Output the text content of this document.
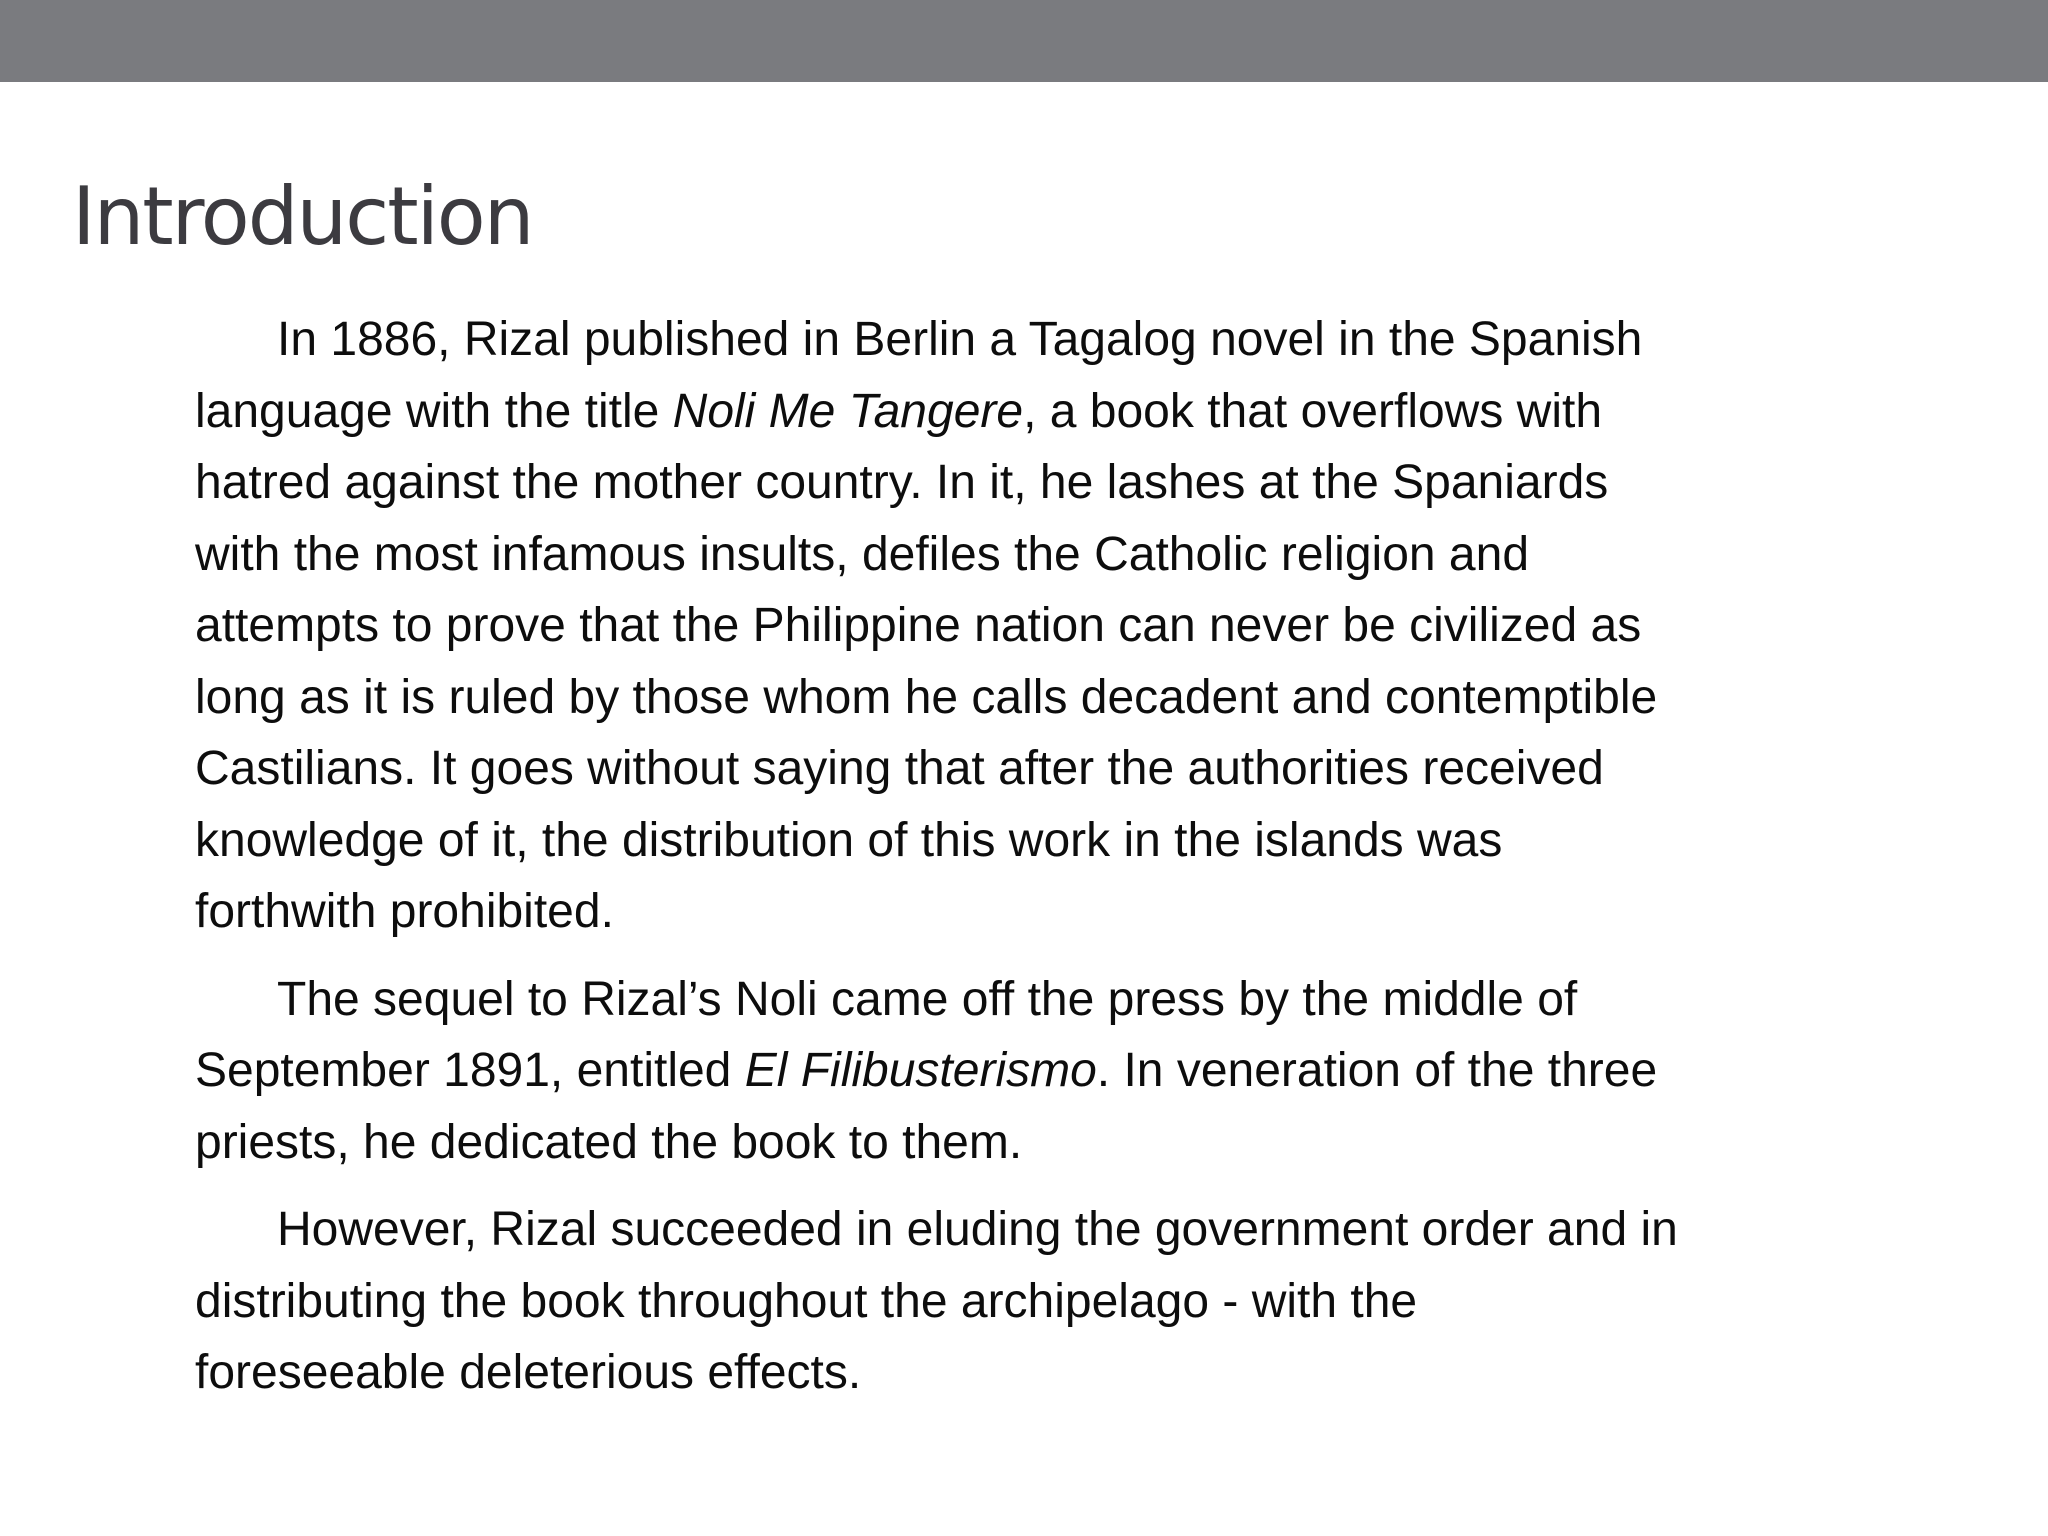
Introduction

In 1886, Rizal published in Berlin a Tagalog novel in the Spanish
language with the title Noli Me Tangere, a book that overflows with
hatred against the mother country. In it, he lashes at the Spaniards
with the most infamous insults, defiles the Catholic religion and
attempts to prove that the Philippine nation can never be civilized as
long as it is ruled by those whom he calls decadent and contemptible
Castilians. It goes without saying that after the authorities received
knowledge of it, the distribution of this work in the islands was
forthwith prohibited.

The sequel to Rizal’s Noli came off the press by the middle of
September 1891, entitled El Filibusterismo. In veneration of the three
priests, he dedicated the book to them.

However, Rizal succeeded in eluding the government order and in
distributing the book throughout the archipelago - with the
foreseeable deleterious effects.
